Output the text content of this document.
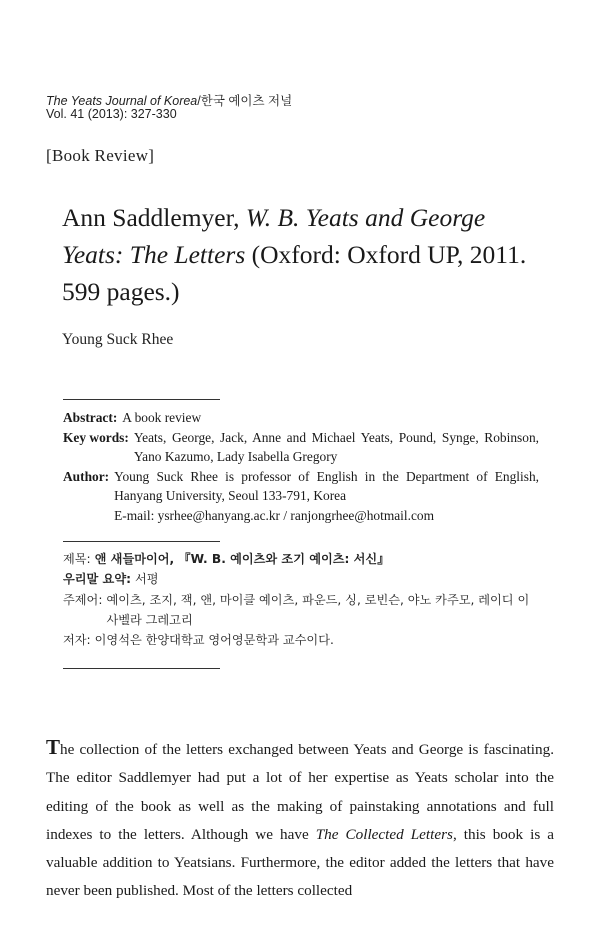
The Yeats Journal of Korea/한국 예이츠 저널
Vol. 41 (2013): 327-330
[Book Review]
Ann Saddlemyer, W. B. Yeats and George Yeats: The Letters (Oxford: Oxford UP, 2011. 599 pages.)
Young Suck Rhee
Abstract: A book review
Key words: Yeats, George, Jack, Anne and Michael Yeats, Pound, Synge, Robinson, Yano Kazumo, Lady Isabella Gregory
Author: Young Suck Rhee is professor of English in the Department of English, Hanyang University, Seoul 133-791, Korea
E-mail: ysrhee@hanyang.ac.kr / ranjongrhee@hotmail.com
제목: 앤 새들마이어, 『W. B. 예이츠와 조기 예이츠: 서신』
우리말 요약: 서평
주제어: 예이츠, 조지, 잭, 앤, 마이클 예이츠, 파운드, 싱, 로빈슨, 야노 카주모, 레이디 이사벨라 그레고리
저자: 이영석은 한양대학교 영어영문학과 교수이다.
The collection of the letters exchanged between Yeats and George is fascinating. The editor Saddlemyer had put a lot of her expertise as Yeats scholar into the editing of the book as well as the making of painstaking annotations and full indexes to the letters. Although we have The Collected Letters, this book is a valuable addition to Yeatsians. Furthermore, the editor added the letters that have never been published. Most of the letters collected
